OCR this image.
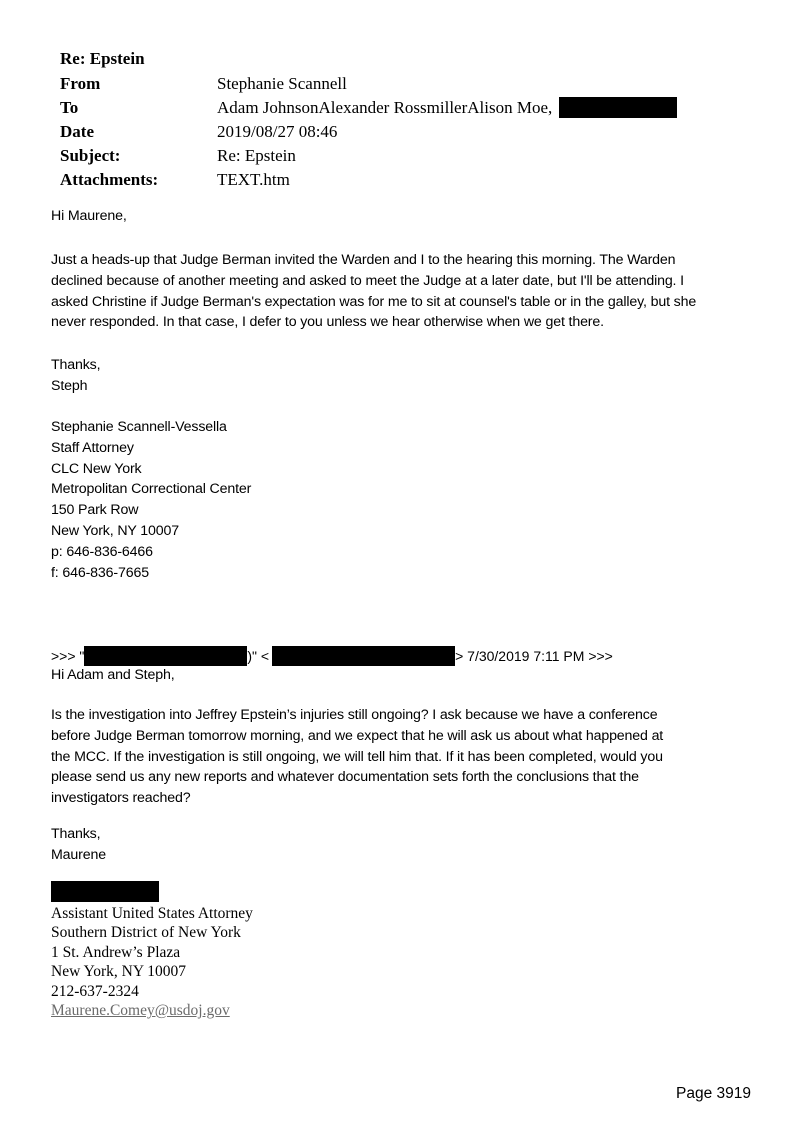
Re: Epstein
From	Stephanie Scannell
To	Adam JohnsonAlexander RossmillerAlison Moe,
Date	2019/08/27 08:46
Subject:	Re: Epstein
Attachments:	TEXT.htm
Hi Maurene,
Just a heads-up that Judge Berman invited the Warden and I to the hearing this morning. The Warden
declined because of another meeting and asked to meet the Judge at a later date, but I'll be attending. I
asked Christine if Judge Berman's expectation was for me to sit at counsel's table or in the galley, but she
never responded. In that case, I defer to you unless we hear otherwise when we get there.
Thanks,
Steph
Stephanie Scannell-Vessella
Staff Attorney
CLC New York
Metropolitan Correctional Center
150 Park Row
New York, NY 10007
p: 646-836-6466
f: 646-836-7665
>>> "	)" <	> 7/30/2019 7:11 PM >>>
Hi Adam and Steph,
Is the investigation into Jeffrey Epstein’s injuries still ongoing? I ask because we have a conference
before Judge Berman tomorrow morning, and we expect that he will ask us about what happened at
the MCC. If the investigation is still ongoing, we will tell him that. If it has been completed, would you
please send us any new reports and whatever documentation sets forth the conclusions that the
investigators reached?
Thanks,
Maurene
Assistant United States Attorney
Southern District of New York
1 St. Andrew’s Plaza
New York, NY 10007
212-637-2324
Maurene.Comey@usdoj.gov
Page 3919
